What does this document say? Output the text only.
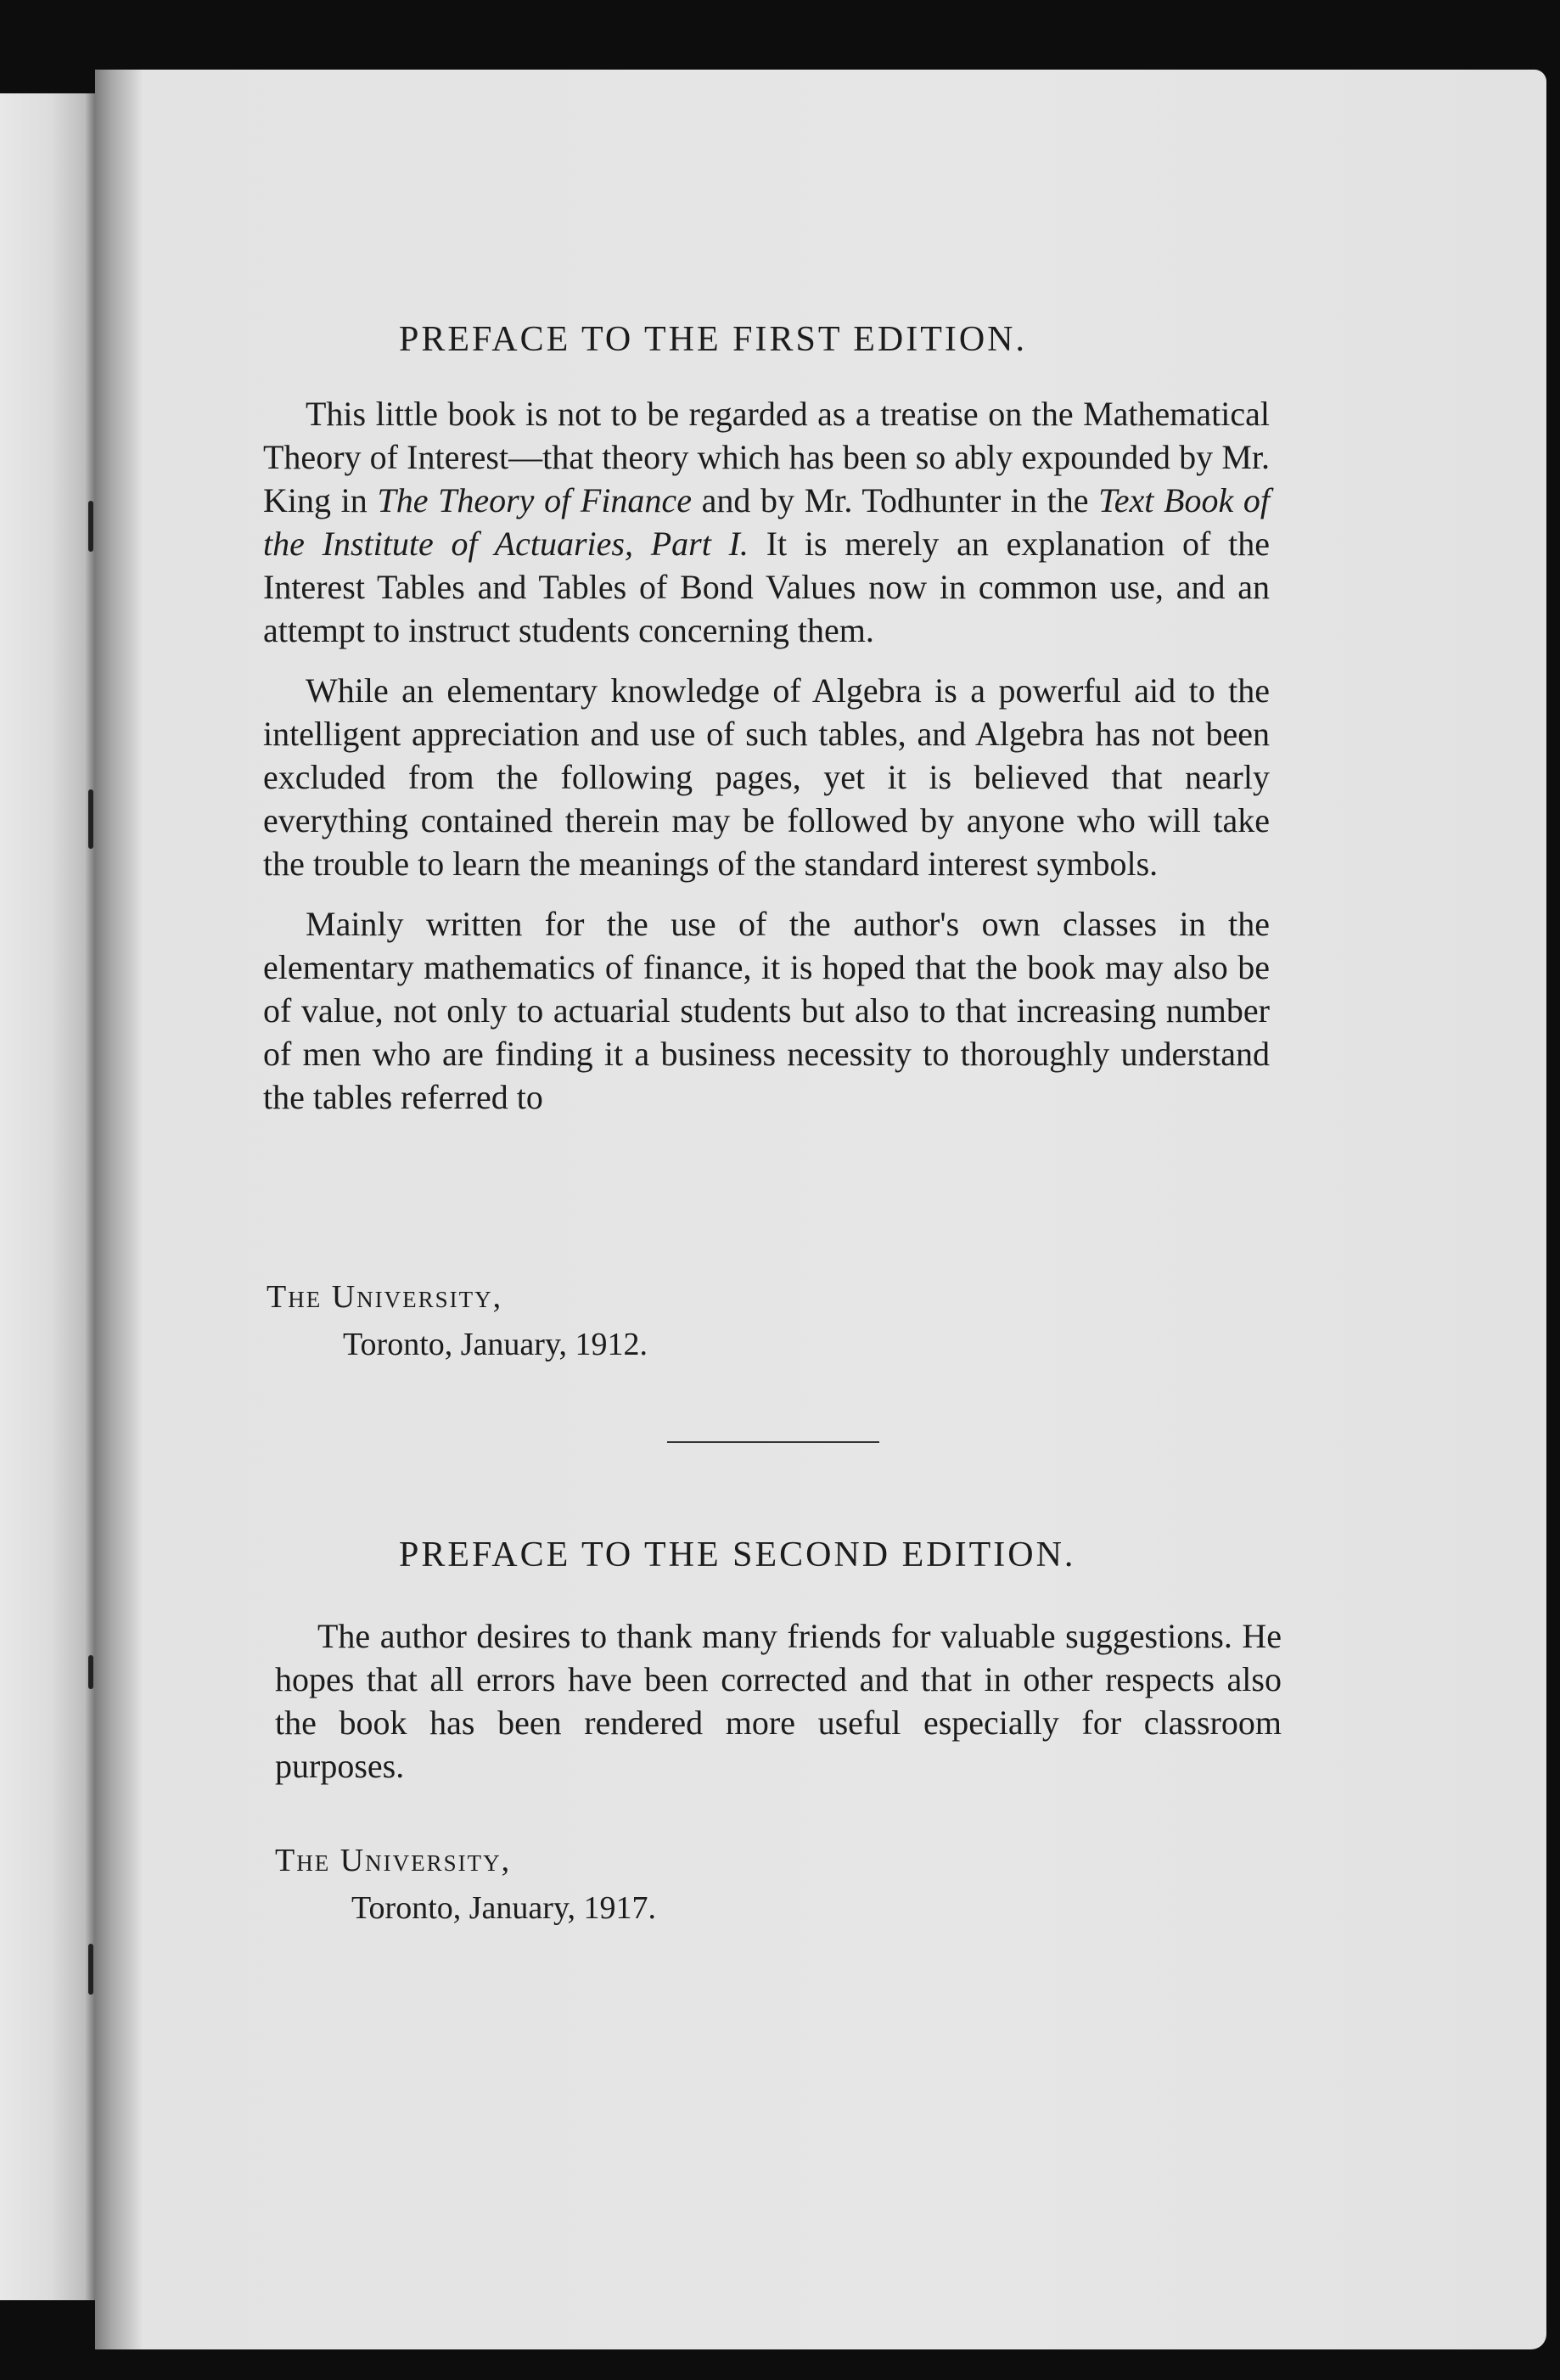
PREFACE TO THE FIRST EDITION.

This little book is not to be regarded as a treatise on the Mathematical Theory of Interest—that theory which has been so ably expounded by Mr. King in The Theory of Finance and by Mr. Todhunter in the Text Book of the Institute of Actuaries, Part I. It is merely an explanation of the Interest Tables and Tables of Bond Values now in common use, and an attempt to instruct students concerning them.

While an elementary knowledge of Algebra is a powerful aid to the intelligent appreciation and use of such tables, and Algebra has not been excluded from the following pages, yet it is believed that nearly everything contained therein may be followed by anyone who will take the trouble to learn the meanings of the standard interest symbols.

Mainly written for the use of the author's own classes in the elementary mathematics of finance, it is hoped that the book may also be of value, not only to actuarial students but also to that increasing number of men who are finding it a business necessity to thoroughly understand the tables referred to

The University,
Toronto, January, 1912.
PREFACE TO THE SECOND EDITION.

The author desires to thank many friends for valuable suggestions. He hopes that all errors have been corrected and that in other respects also the book has been rendered more useful especially for classroom purposes.

The University,
Toronto, January, 1917.
